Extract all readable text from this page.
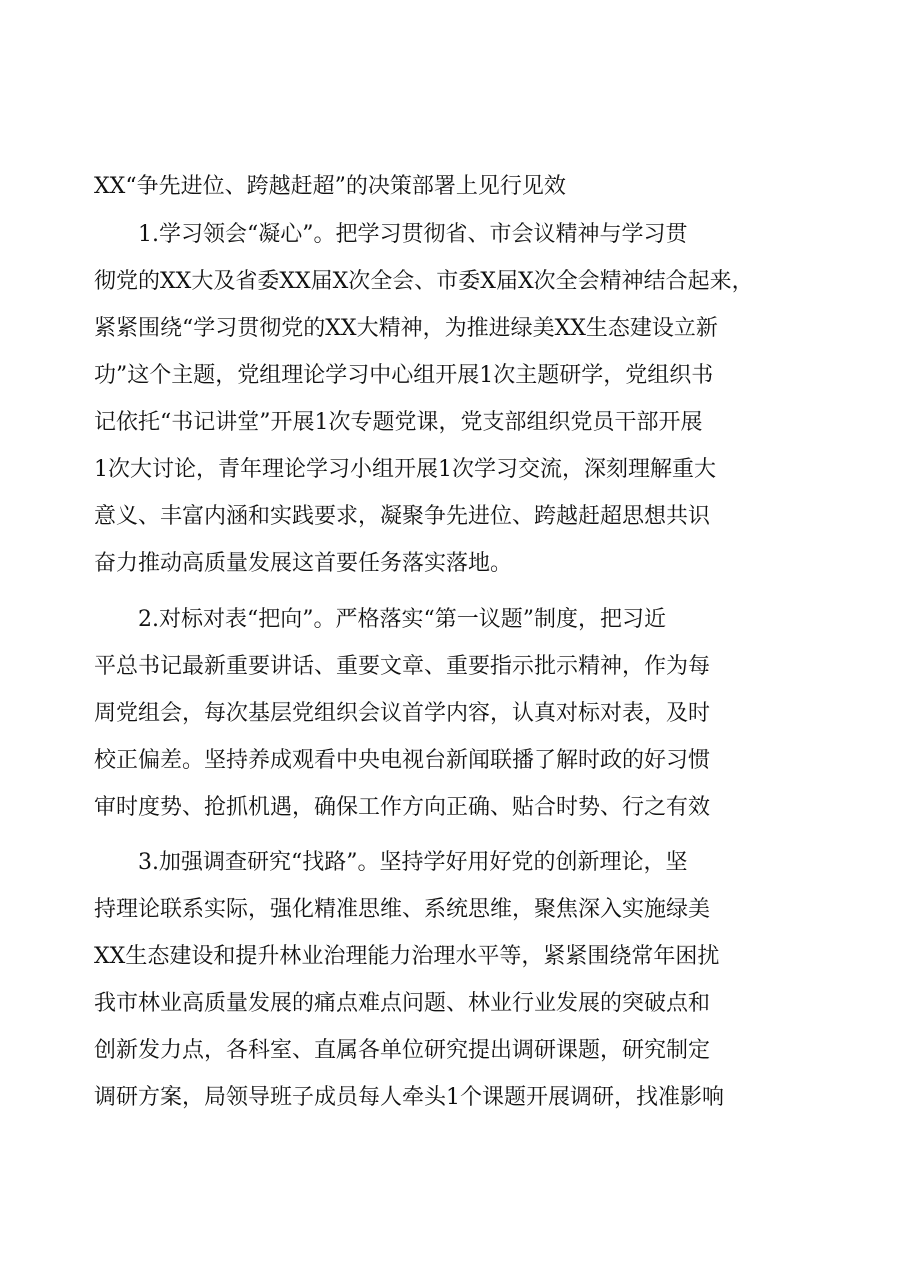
XX“争先进位、跨越赶超”的决策部署上见行见效
1.学习领会“凝心”。把学习贯彻省、市会议精神与学习贯
彻党的XX大及省委XX届X次全会、市委X届X次全会精神结合起来，
紧紧围绕“学习贯彻党的XX大精神，为推进绿美XX生态建设立新
功”这个主题，党组理论学习中心组开展1次主题研学，党组织书
记依托“书记讲堂”开展1次专题党课，党支部组织党员干部开展
1次大讨论，青年理论学习小组开展1次学习交流，深刻理解重大
意义、丰富内涵和实践要求，凝聚争先进位、跨越赶超思想共识
奋力推动高质量发展这首要任务落实落地。
2.对标对表“把向”。严格落实“第一议题”制度，把习近
平总书记最新重要讲话、重要文章、重要指示批示精神，作为每
周党组会，每次基层党组织会议首学内容，认真对标对表，及时
校正偏差。坚持养成观看中央电视台新闻联播了解时政的好习惯
审时度势、抢抓机遇，确保工作方向正确、贴合时势、行之有效
3.加强调查研究“找路”。坚持学好用好党的创新理论，坚
持理论联系实际，强化精准思维、系统思维，聚焦深入实施绿美
XX生态建设和提升林业治理能力治理水平等，紧紧围绕常年困扰
我市林业高质量发展的痛点难点问题、林业行业发展的突破点和
创新发力点，各科室、直属各单位研究提出调研课题，研究制定
调研方案，局领导班子成员每人牵头1个课题开展调研，找准影响
